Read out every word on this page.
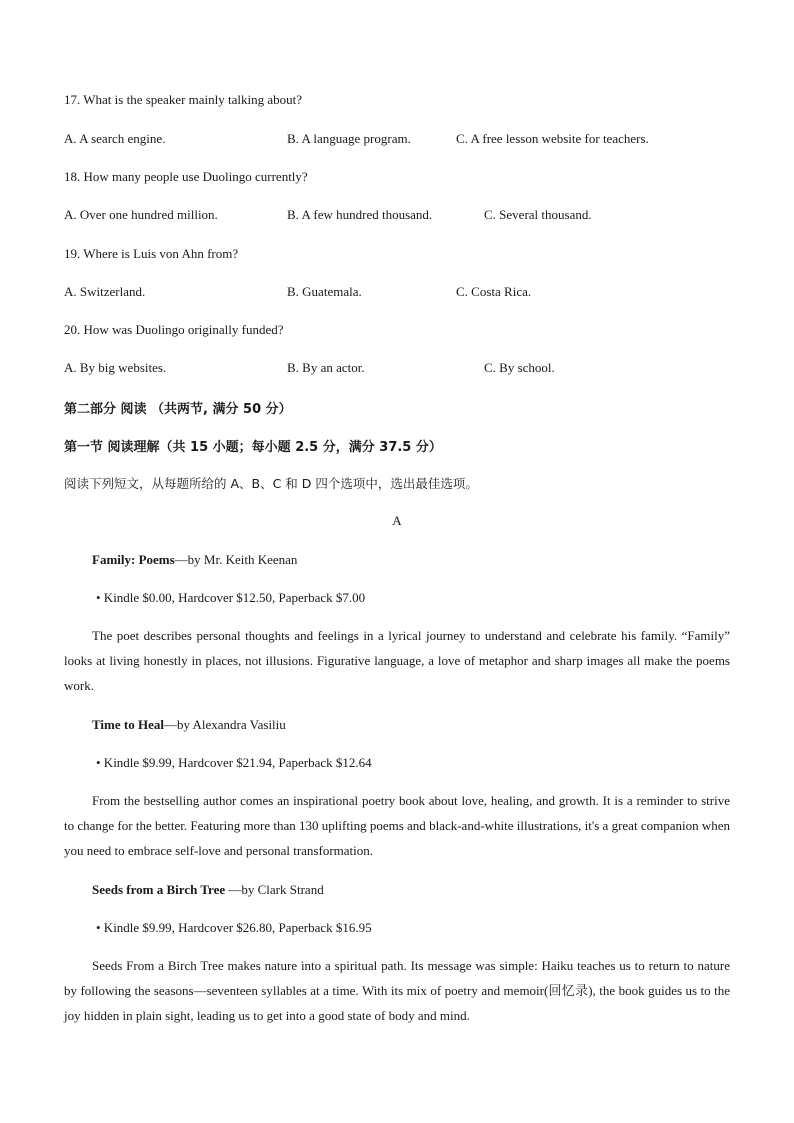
17. What is the speaker mainly talking about?
A. A search engine.	B. A language program.	C. A free lesson website for teachers.
18. How many people use Duolingo currently?
A. Over one hundred million.	B. A few hundred thousand.	C. Several thousand.
19. Where is Luis von Ahn from?
A. Switzerland.	B. Guatemala.	C. Costa Rica.
20. How was Duolingo originally funded?
A. By big websites.	B. By an actor.	C. By school.
第二部分 阅读 （共两节, 满分 50 分）
第一节 阅读理解（共 15 小题；每小题 2.5 分，满分 37.5 分）
阅读下列短文，从每题所给的 A、B、C 和 D 四个选项中，选出最佳选项。
A
Family: Poems—by Mr. Keith Keenan
• Kindle $0.00, Hardcover $12.50, Paperback $7.00
The poet describes personal thoughts and feelings in a lyrical journey to understand and celebrate his family. “Family” looks at living honestly in places, not illusions. Figurative language, a love of metaphor and sharp images all make the poems work.
Time to Heal—by Alexandra Vasiliu
• Kindle $9.99, Hardcover $21.94, Paperback $12.64
From the bestselling author comes an inspirational poetry book about love, healing, and growth. It is a reminder to strive to change for the better. Featuring more than 130 uplifting poems and black-and-white illustrations, it's a great companion when you need to embrace self-love and personal transformation.
Seeds from a Birch Tree —by Clark Strand
• Kindle $9.99, Hardcover $26.80, Paperback $16.95
Seeds From a Birch Tree makes nature into a spiritual path. Its message was simple: Haiku teaches us to return to nature by following the seasons—seventeen syllables at a time. With its mix of poetry and memoir(回忆录), the book guides us to the joy hidden in plain sight, leading us to get into a good state of body and mind.
